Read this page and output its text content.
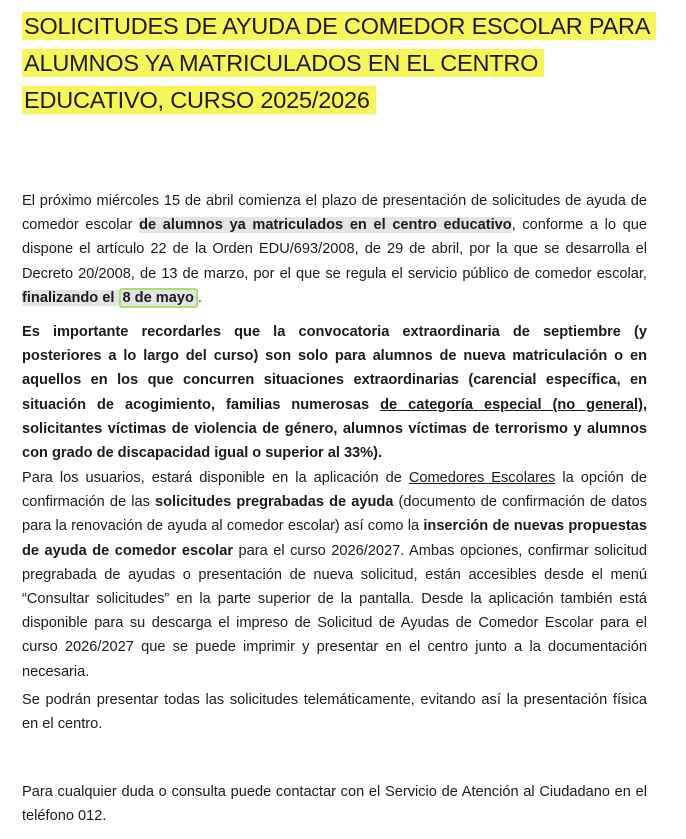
SOLICITUDES DE AYUDA DE COMEDOR ESCOLAR PARA
ALUMNOS YA MATRICULADOS EN EL CENTRO
EDUCATIVO, CURSO 2025/2026

El próximo miércoles 15 de abril comienza el plazo de presentación de solicitudes de ayuda de comedor escolar de alumnos ya matriculados en el centro educativo, conforme a lo que dispone el artículo 22 de la Orden EDU/693/2008, de 29 de abril, por la que se desarrolla el Decreto 20/2008, de 13 de marzo, por el que se regula el servicio público de comedor escolar, finalizando el 8 de mayo .

Es importante recordarles que la convocatoria extraordinaria de septiembre (y posteriores a lo largo del curso) son solo para alumnos de nueva matriculación o en aquellos en los que concurren situaciones extraordinarias (carencial específica, en situación de acogimiento, familias numerosas de categoría especial (no general), solicitantes víctimas de violencia de género, alumnos víctimas de terrorismo y alumnos con grado de discapacidad igual o superior al 33%).

Para los usuarios, estará disponible en la aplicación de Comedores Escolares la opción de confirmación de las solicitudes pregrabadas de ayuda (documento de confirmación de datos para la renovación de ayuda al comedor escolar) así como la inserción de nuevas propuestas de ayuda de comedor escolar para el curso 2026/2027. Ambas opciones, confirmar solicitud pregrabada de ayudas o presentación de nueva solicitud, están accesibles desde el menú “Consultar solicitudes” en la parte superior de la pantalla. Desde la aplicación también está disponible para su descarga el impreso de Solicitud de Ayudas de Comedor Escolar para el curso 2026/2027 que se puede imprimir y presentar en el centro junto a la documentación necesaria.

Se podrán presentar todas las solicitudes telemáticamente, evitando así la presentación física en el centro.

Para cualquier duda o consulta puede contactar con el Servicio de Atención al Ciudadano en el teléfono 012.
